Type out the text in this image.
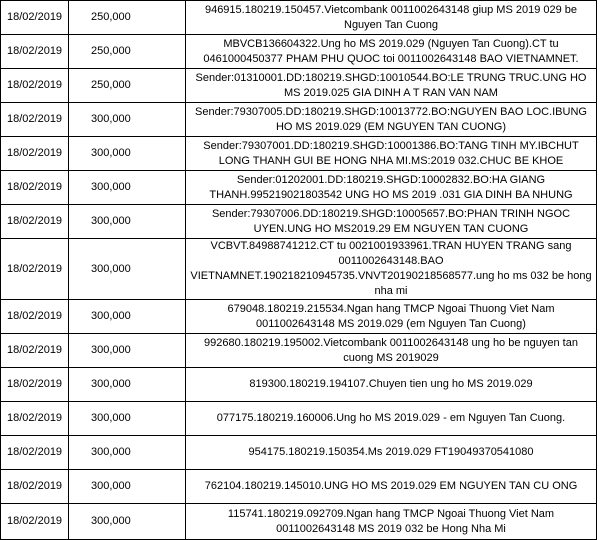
18/02/2019	250,000	946915.180219.150457.Vietcombank 0011002643148 giup MS 2019 029 be Nguyen Tan Cuong
18/02/2019	250,000	MBVCB136604322.Ung ho MS 2019.029 (Nguyen Tan Cuong).CT tu 0461000450377 PHAM PHU QUOC toi 0011002643148 BAO VIETNAMNET.
18/02/2019	250,000	Sender:01310001.DD:180219.SHGD:10010544.BO:LE TRUNG TRUC.UNG HO MS 2019.025 GIA DINH A T RAN VAN NAM
18/02/2019	300,000	Sender:79307005.DD:180219.SHGD:10013772.BO:NGUYEN BAO LOC.IBUNG HO MS 2019.029 (EM NGUYEN TAN CUONG)
18/02/2019	300,000	Sender:79307001.DD:180219.SHGD:10001386.BO:TANG TINH MY.IBCHUT LONG THANH GUI BE HONG NHA MI.MS:2019 032.CHUC BE KHOE
18/02/2019	300,000	Sender:01202001.DD:180219.SHGD:10002832.BO:HA GIANG THANH.995219021803542 UNG HO MS 2019 .031 GIA DINH BA NHUNG
18/02/2019	300,000	Sender:79307006.DD:180219.SHGD:10005657.BO:PHAN TRINH NGOC UYEN.UNG HO MS2019.29 EM NGUYEN TAN CUONG
18/02/2019	300,000	VCBVT.84988741212.CT tu 0021001933961.TRAN HUYEN TRANG sang 0011002643148.BAO VIETNAMNET.190218210945735.VNVT20190218568577.ung ho ms 032 be hong nha mi
18/02/2019	300,000	679048.180219.215534.Ngan hang TMCP Ngoai Thuong Viet Nam 0011002643148 MS 2019.029 (em Nguyen Tan Cuong)
18/02/2019	300,000	992680.180219.195002.Vietcombank 0011002643148 ung ho be nguyen tan cuong MS 2019029
18/02/2019	300,000	819300.180219.194107.Chuyen tien ung ho MS 2019.029
18/02/2019	300,000	077175.180219.160006.Ung ho MS 2019.029 - em Nguyen Tan Cuong.
18/02/2019	300,000	954175.180219.150354.Ms 2019.029 FT19049370541080
18/02/2019	300,000	762104.180219.145010.UNG HO MS 2019.029 EM NGUYEN TAN CU ONG
18/02/2019	300,000	115741.180219.092709.Ngan hang TMCP Ngoai Thuong Viet Nam 0011002643148 MS 2019 032 be Hong Nha Mi
